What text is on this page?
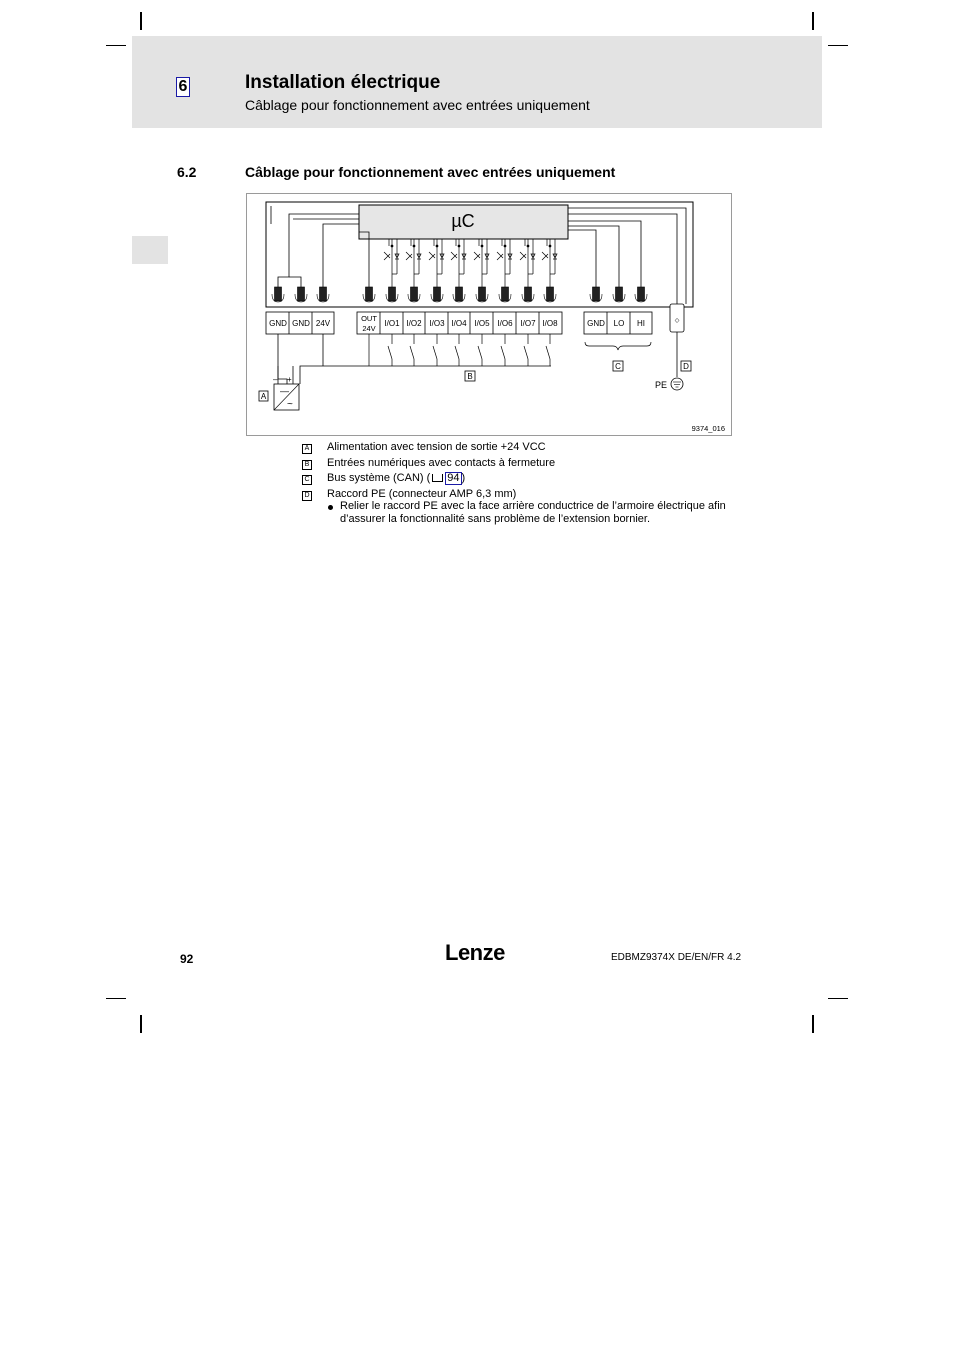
6	Installation électrique
Câblage pour fonctionnement avec entrées uniquement
6.2	Câblage pour fonctionnement avec entrées uniquement
µC
GND GND 24V
OUT
24V
I/O1 I/O2 I/O3 I/O4 I/O5 I/O6 I/O7 I/O8	GND LO HI	◇
PE
—
~
– +
A
B
C	D
9374_016
A Alimentation avec tension de sortie +24 VCC
B Entrées numériques avec contacts à fermeture
C Bus système (CAN) ( 94 )
D Raccord PE (connecteur AMP 6,3 mm)
Relier le raccord PE avec la face arrière conductrice de l’armoire électrique afin d’assurer la fonctionnalité sans problème de l’extension bornier.
92	Lenze	EDBMZ9374X DE/EN/FR 4.2
